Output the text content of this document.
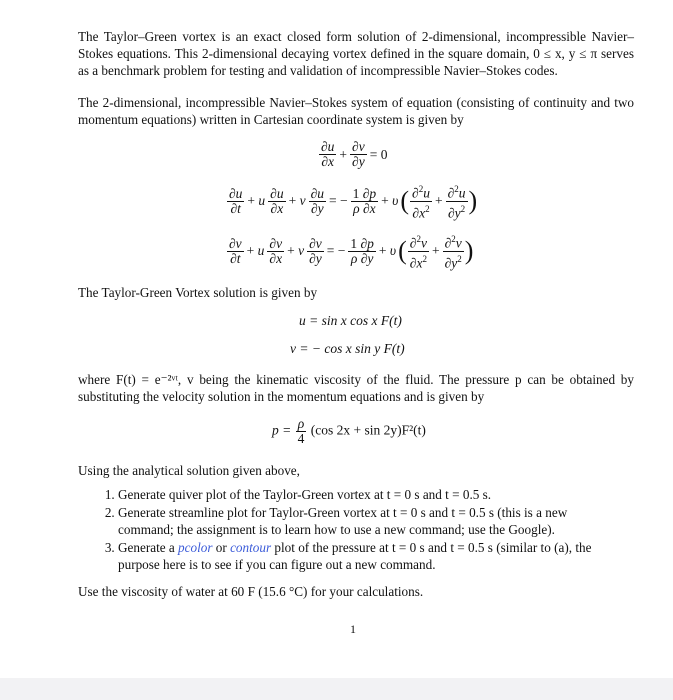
The Taylor–Green vortex is an exact closed form solution of 2-dimensional, incompressible Navier–Stokes equations. This 2-dimensional decaying vortex defined in the square domain, 0 ≤ x, y ≤ π serves as a benchmark problem for testing and validation of incompressible Navier–Stokes codes.
The 2-dimensional, incompressible Navier–Stokes system of equation (consisting of continuity and two momentum equations) written in Cartesian coordinate system is given by
$\frac{\partial u}{\partial x} + \frac{\partial v}{\partial y} = 0$
$\frac{\partial u}{\partial t} + u \frac{\partial u}{\partial x} + v \frac{\partial u}{\partial y}$ = − $\frac{1 \partial p}{\rho \partial x} + \upsilon( \frac{\partial^2u}{\partial x^2} + \frac{\partial^2u}{\partial y^2}$ )
$\frac{\partial v}{\partial t} + u \frac{\partial v}{\partial x} + v \frac{\partial v}{\partial y}$ = − $\frac{1 \partial p}{\rho \partial y} + \upsilon( \frac{\partial^2v}{\partial x^2} + \frac{\partial^2v}{\partial y^2}$ )
The Taylor-Green Vortex solution is given by
u = sin x cos x F(t)
v = − cos x sin y F(t)
where F(t) = e⁻²ᵛᵗ, v being the kinematic viscosity of the fluid. The pressure p can be obtained by substituting the velocity solution in the momentum equations and is given by
$p = \frac{\rho}{4} (\cos$ 2x + sin 2y)F²(t)
Using the analytical solution given above,
1. Generate quiver plot of the Taylor-Green vortex at t = 0 s and t = 0.5 s.
2. Generate streamline plot for Taylor-Green vortex at t = 0 s and t = 0.5 s (this is a new command; the assignment is to learn how to use a new command; use the Google).
3. Generate a pcolor or contour plot of the pressure at t = 0 s and t = 0.5 s (similar to (a), the purpose here is to see if you can figure out a new command.
Use the viscosity of water at 60 F (15.6 °C) for your calculations.
1
